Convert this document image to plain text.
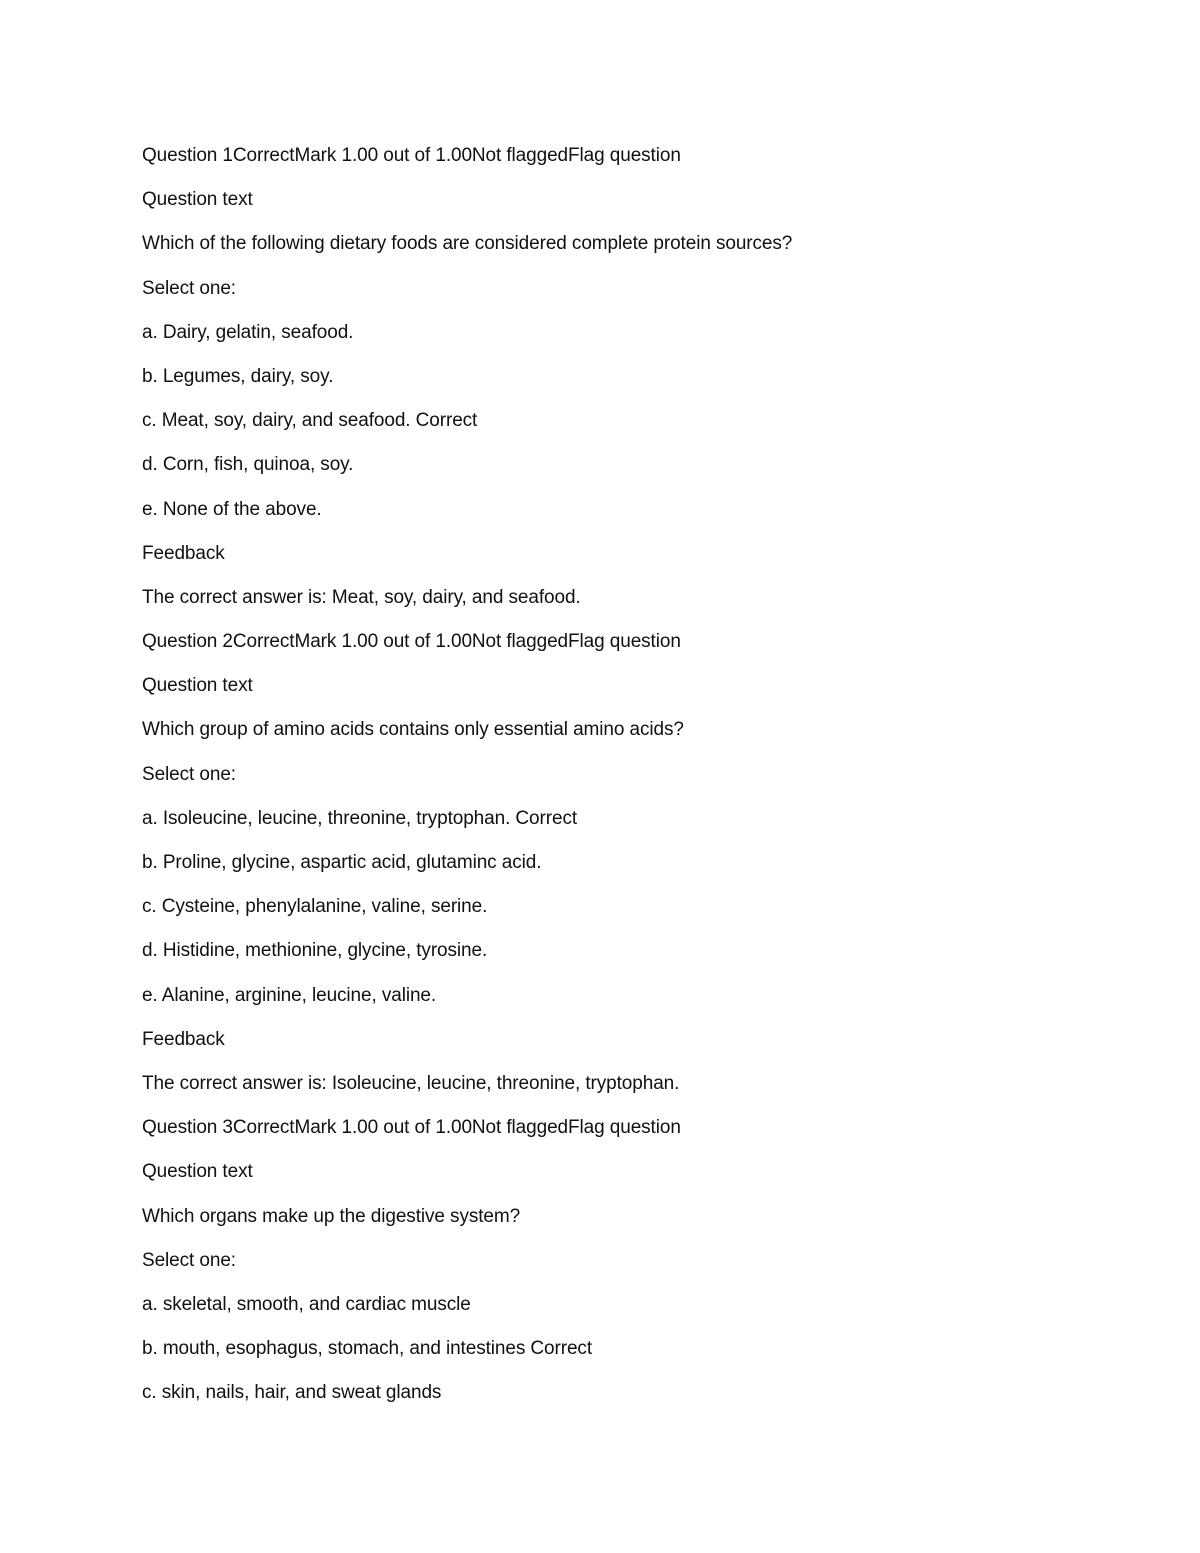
Question 1CorrectMark 1.00 out of 1.00Not flaggedFlag question
Question text
Which of the following dietary foods are considered complete protein sources?
Select one:
a. Dairy, gelatin, seafood.
b. Legumes, dairy, soy.
c. Meat, soy, dairy, and seafood. Correct
d. Corn, fish, quinoa, soy.
e. None of the above.
Feedback
The correct answer is: Meat, soy, dairy, and seafood.
Question 2CorrectMark 1.00 out of 1.00Not flaggedFlag question
Question text
Which group of amino acids contains only essential amino acids?
Select one:
a. Isoleucine, leucine, threonine, tryptophan. Correct
b. Proline, glycine, aspartic acid, glutaminc acid.
c. Cysteine, phenylalanine, valine, serine.
d. Histidine, methionine, glycine, tyrosine.
e. Alanine, arginine, leucine, valine.
Feedback
The correct answer is: Isoleucine, leucine, threonine, tryptophan.
Question 3CorrectMark 1.00 out of 1.00Not flaggedFlag question
Question text
Which organs make up the digestive system?
Select one:
a. skeletal, smooth, and cardiac muscle
b. mouth, esophagus, stomach, and intestines Correct
c. skin, nails, hair, and sweat glands
